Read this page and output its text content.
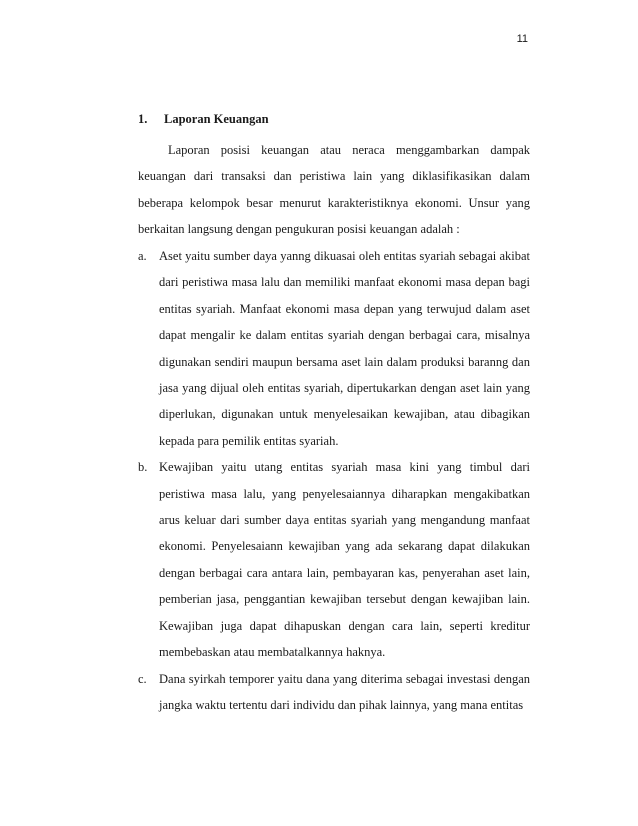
11
1. Laporan Keuangan

Laporan posisi keuangan atau neraca menggambarkan dampak keuangan dari transaksi dan peristiwa lain yang diklasifikasikan dalam beberapa kelompok besar menurut karakteristiknya ekonomi. Unsur yang berkaitan langsung dengan pengukuran posisi keuangan adalah :

a. Aset yaitu sumber daya yanng dikuasai oleh entitas syariah sebagai akibat dari peristiwa masa lalu dan memiliki manfaat ekonomi masa depan bagi entitas syariah. Manfaat ekonomi masa depan yang terwujud dalam aset dapat mengalir ke dalam entitas syariah dengan berbagai cara, misalnya digunakan sendiri maupun bersama aset lain dalam produksi baranng dan jasa yang dijual oleh entitas syariah, dipertukarkan dengan aset lain yang diperlukan, digunakan untuk menyelesaikan kewajiban, atau dibagikan kepada para pemilik entitas syariah.
b. Kewajiban yaitu utang entitas syariah masa kini yang timbul dari peristiwa masa lalu, yang penyelesaiannya diharapkan mengakibatkan arus keluar dari sumber daya entitas syariah yang mengandung manfaat ekonomi. Penyelesaiann kewajiban yang ada sekarang dapat dilakukan dengan berbagai cara antara lain, pembayaran kas, penyerahan aset lain, pemberian jasa, penggantian kewajiban tersebut dengan kewajiban lain. Kewajiban juga dapat dihapuskan dengan cara lain, seperti kreditur membebaskan atau membatalkannya haknya.
c. Dana syirkah temporer yaitu dana yang diterima sebagai investasi dengan jangka waktu tertentu dari individu dan pihak lainnya, yang mana entitas
